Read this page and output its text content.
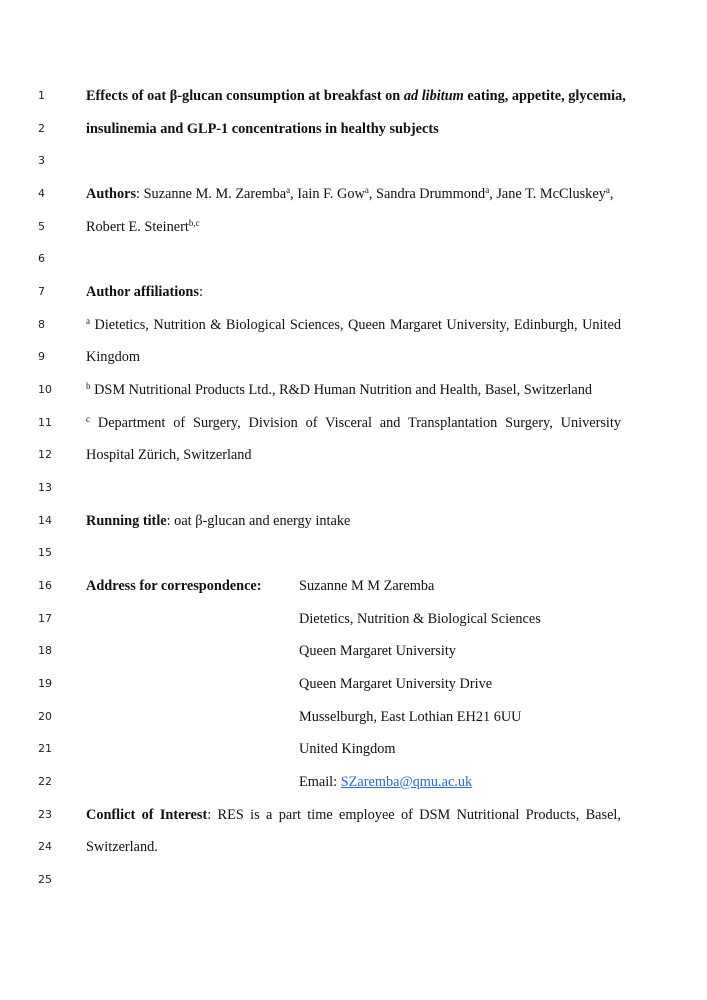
1
2
3
4
5
6
7
8
9
10
11
12
13
14
15
16
17
18
19
20
21
22
23
24
25
Effects of oat β-glucan consumption at breakfast on ad libitum eating, appetite, glycemia,
insulinemia and GLP-1 concentrations in healthy subjects
Authors: Suzanne M. M. Zaremba$^a$, Iain F. Gow$^a$, Sandra Drummond$^a$, Jane T. McCluskey$^a$,
Robert E. Steinert$^{b,c}$
Author affiliations:
$^a$ Dietetics, Nutrition & Biological Sciences, Queen Margaret University, Edinburgh, United
Kingdom
$^b$ DSM Nutritional Products Ltd., R&D Human Nutrition and Health, Basel, Switzerland
$^c$ Department of Surgery, Division of Visceral and Transplantation Surgery, University
Hospital Zürich, Switzerland
Running title: oat β-glucan and energy intake
Address for correspondence:	Suzanne M M Zaremba
Dietetics, Nutrition & Biological Sciences
Queen Margaret University
Queen Margaret University Drive
Musselburgh, East Lothian EH21 6UU
United Kingdom
Email: SZaremba@qmu.ac.uk
Conflict of Interest: RES is a part time employee of DSM Nutritional Products, Basel,
Switzerland.
